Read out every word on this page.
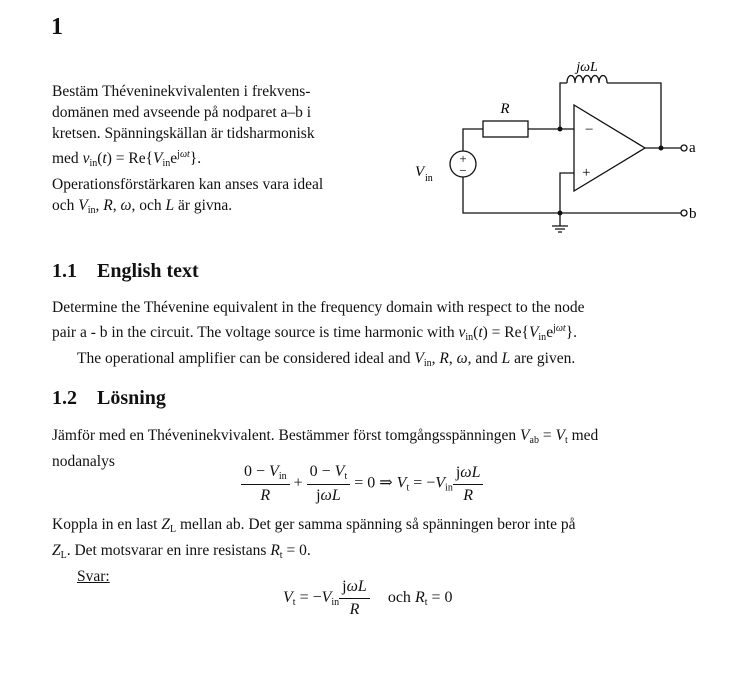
1
Bestäm Théveninekvivalenten i frekvens-
domänen med avseende på nodparet a–b i
kretsen. Spänningskällan är tidsharmonisk
med $v_{in}(t) = Re\{V_{in}e^{j\omega t}\}$.
Operationsförstärkaren kan anses vara ideal
och $V_{in}$, R, ω, och L är givna.
+
−
−
+
R
jωL
V in
a
b
1.1 English text
Determine the Thévenine equivalent in the frequency domain with respect to the node
pair a - b in the circuit. The voltage source is time harmonic with $v_{in}(t) = Re\{V_{in}e^{j\omega t}\}$.
The operational amplifier can be considered ideal and $V_{in}$, R, ω, and L are given.
1.2 Lösning
Jämför med en Théveninekvivalent. Bestämmer först tomgångsspänningen $V_{ab} = V_t$ med
nodanalys
$\frac{0 - V_{in}}{R} + \frac{0 - V_t}{\text{jωL}} = 0$ ⇒ $V_t = -V_{in} \frac{\text{jωL}}{R}$
Koppla in en last $Z_L$ mellan ab. Det ger samma spänning så spänningen beror inte på
$Z_L$. Det motsvarar en inre resistans $R_t = 0$.
Svar:
$V_t = -V_{in} \frac{\text{jωL}}{R}$ och $R_t = 0$
